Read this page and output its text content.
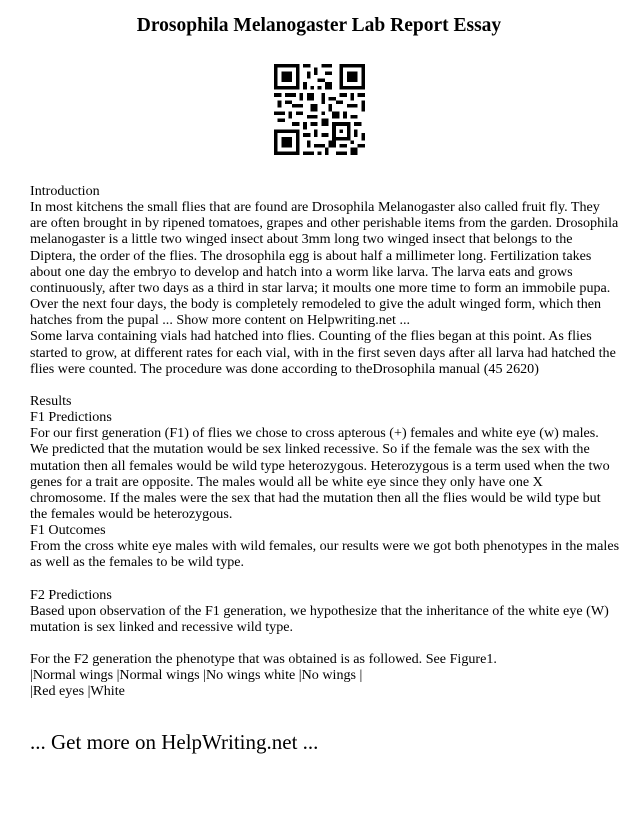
Drosophila Melanogaster Lab Report Essay

Introduction

In most kitchens the small flies that are found are Drosophila Melanogaster also called fruit fly. They are often brought in by ripened tomatoes, grapes and other perishable items from the garden. Drosophila melanogaster is a little two winged insect about 3mm long two winged insect that belongs to the Diptera, the order of the flies. The drosophila egg is about half a millimeter long. Fertilization takes about one day the embryo to develop and hatch into a worm like larva. The larva eats and grows continuously, after two days as a third in star larva; it moults one more time to form an immobile pupa. Over the next four days, the body is completely remodeled to give the adult winged form, which then hatches from the pupal ... Show more content on Helpwriting.net ...

Some larva containing vials had hatched into flies. Counting of the flies began at this point. As flies started to grow, at different rates for each vial, with in the first seven days after all larva had hatched the flies were counted. The procedure was done according to theDrosophila manual (45 2620)

Results

F1 Predictions

For our first generation (F1) of flies we chose to cross apterous (+) females and white eye (w) males. We predicted that the mutation would be sex linked recessive. So if the female was the sex with the mutation then all females would be wild type heterozygous. Heterozygous is a term used when the two genes for a trait are opposite. The males would all be white eye since they only have one X chromosome. If the males were the sex that had the mutation then all the flies would be wild type but the females would be heterozygous.

F1 Outcomes

From the cross white eye males with wild females, our results were we got both phenotypes in the males as well as the females to be wild type.

F2 Predictions

Based upon observation of the F1 generation, we hypothesize that the inheritance of the white eye (W) mutation is sex linked and recessive wild type.

For the F2 generation the phenotype that was obtained is as followed. See Figure1.

|Normal wings |Normal wings |No wings white |No wings |

|Red eyes |White

... Get more on HelpWriting.net ...
